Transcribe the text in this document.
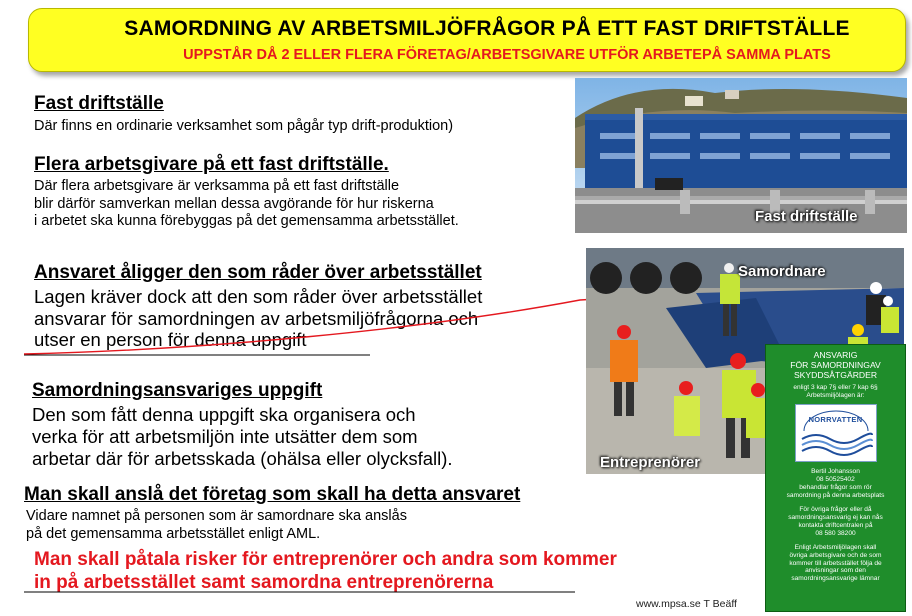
SAMORDNING AV ARBETSMILJÖFRÅGOR PÅ ETT FAST DRIFTSTÄLLE
UPPSTÅR DÅ 2 ELLER FLERA FÖRETAG/ARBETSGIVARE UTFÖR ARBETEPÅ SAMMA PLATS
Fast driftställe
Där finns en ordinarie verksamhet som pågår typ drift-produktion)
Flera arbetsgivare på ett fast driftställe.
Där flera arbetsgivare är verksamma på ett fast driftställe
blir därför samverkan mellan dessa avgörande för hur riskerna
i arbetet ska kunna förebyggas på det gemensamma arbetsstället.
Ansvaret åligger den som råder över arbetsstället
Lagen kräver dock att den som råder över arbetsstället
ansvarar för samordningen av arbetsmiljöfrågorna och
utser en person för denna uppgift
Samordningsansvariges uppgift
Den som fått denna uppgift ska organisera och
verka för att arbetsmiljön inte utsätter dem som
arbetar där för arbetsskada (ohälsa eller olycksfall).
Man skall anslå det företag som skall ha detta ansvaret
Vidare namnet på personen som är samordnare ska anslås
på det gemensamma arbetsstället enligt AML.
Man skall påtala risker för entreprenörer och andra som kommer
in på arbetsstället samt samordna entreprenörerna
Fast driftställe
Samordnare
Entreprenörer
ANSVARIG
FÖR SAMORDNINGAV
SKYDDSÅTGÄRDER
enligt 3 kap 7§ eller 7 kap 6§
Arbetsmiljölagen är:
NORRVATTEN
Bertil Johansson
08 50525402
behandlar frågor som rör
samordning på denna arbetsplats
För övriga frågor eller då
samordningsansvarig ej kan nås
kontakta driftcentralen på
08 580 38200
Enligt Arbetsmiljölagen skall
övriga arbetsgivare och de som
kommer till arbetsstället följa de
anvisningar som den
samordningsansvarige lämnar
www.mpsa.se T Beäff
